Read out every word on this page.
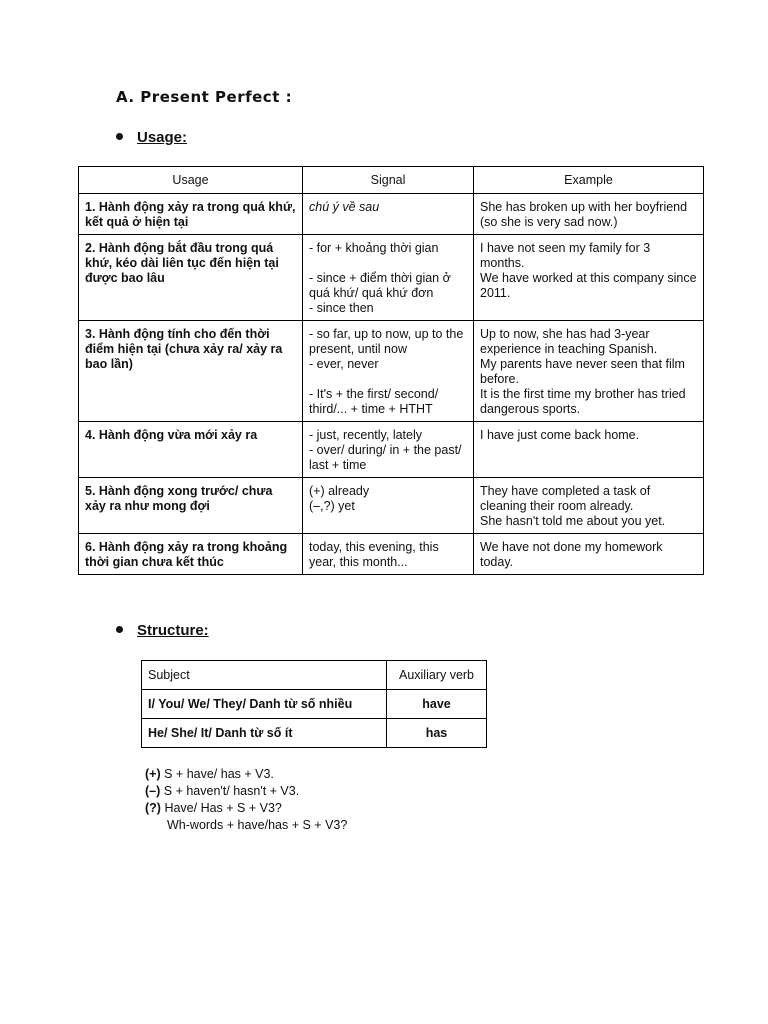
A. Present Perfect :
Usage:
Usage	Signal	Example
1. Hành động xảy ra trong quá khứ, kết quả ở hiện tại	chú ý về sau	She has broken up with her boyfriend (so she is very sad now.)

2. Hành động bắt đầu trong quá khứ, kéo dài liên tục đến hiện tại được bao lâu	- for + khoảng thời gian
- since + điểm thời gian ở quá khứ/ quá khứ đơn
- since then	I have not seen my family for 3 months.
We have worked at this company since 2011.

3. Hành động tính cho đến thời điểm hiện tại (chưa xảy ra/ xảy ra bao lần)	- so far, up to now, up to the present, until now
- ever, never
- It's + the first/ second/ third/... + time + HTHT	Up to now, she has had 3-year experience in teaching Spanish.
My parents have never seen that film before.
It is the first time my brother has tried dangerous sports.

4. Hành động vừa mới xảy ra	- just, recently, lately
- over/ during/ in + the past/ last + time	I have just come back home.

5. Hành động xong trước/ chưa xảy ra như mong đợi	(+) already
(–,?) yet	They have completed a task of cleaning their room already.
She hasn't told me about you yet.

6. Hành động xảy ra trong khoảng thời gian chưa kết thúc	today, this evening, this year, this month...	We have not done my homework today.
Structure:
Subject	Auxiliary verb
I/ You/ We/ They/ Danh từ số nhiều	have
He/ She/ It/ Danh từ số ít	has
(+) S + have/ has + V3.
(–) S + haven't/ hasn't + V3.
(?) Have/ Has + S + V3?
Wh-words + have/has + S + V3?
